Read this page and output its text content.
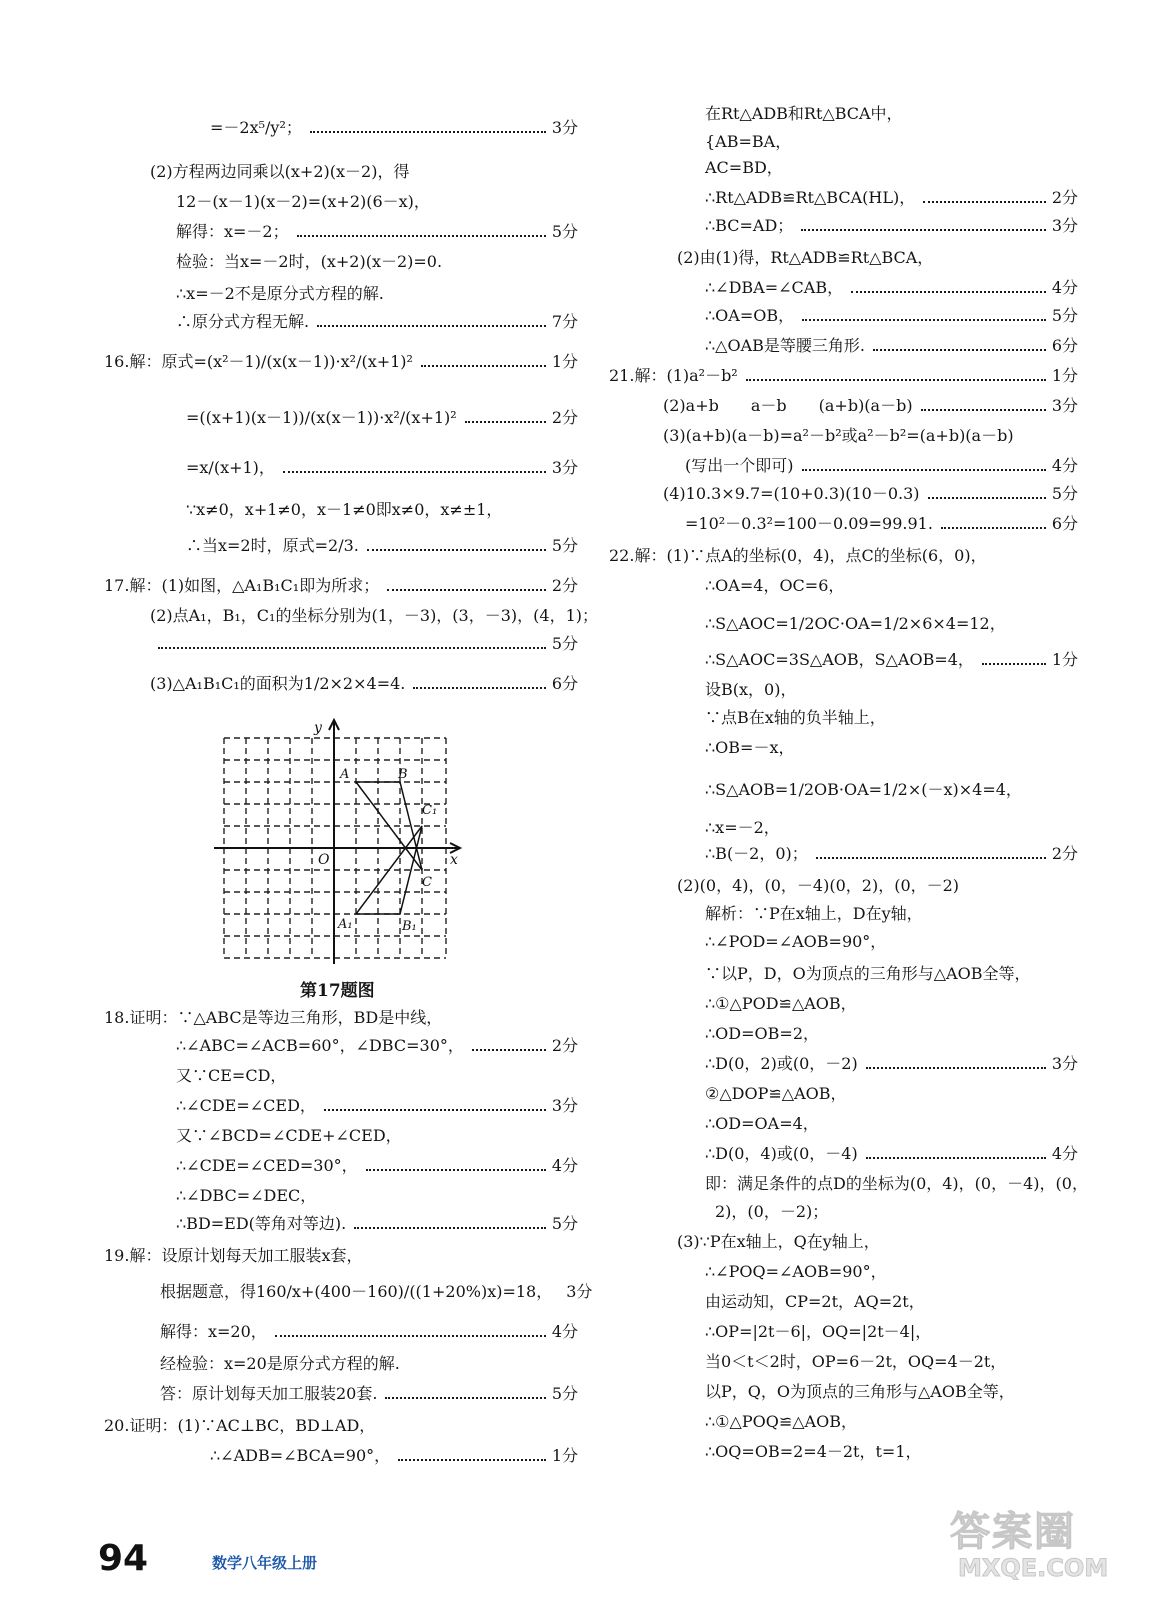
=－2x⁵/y²；	3分
(2)方程两边同乘以(x+2)(x－2)，得
12－(x－1)(x－2)=(x+2)(6－x)，
解得：x=－2；	5分
检验：当x=－2时，(x+2)(x－2)=0.
∴x=－2不是原分式方程的解.
∴原分式方程无解.	7分
16.解：原式=(x²－1)/(x(x－1))·x²/(x+1)²	1分
=((x+1)(x－1))/(x(x－1))·x²/(x+1)²	2分
=x/(x+1)，	3分
∵x≠0，x+1≠0，x－1≠0即x≠0，x≠±1，
∴当x=2时，原式=2/3.	5分
17.解：(1)如图，△A₁B₁C₁即为所求；	2分
(2)点A₁，B₁，C₁的坐标分别为(1，－3)，(3，－3)，(4，1)；
5分
(3)△A₁B₁C₁的面积为1/2×2×4=4.	6分
18.证明：∵△ABC是等边三角形，BD是中线，
∴∠ABC=∠ACB=60°，∠DBC=30°，	2分
又∵CE=CD，
∴∠CDE=∠CED，	3分
又∵∠BCD=∠CDE+∠CED，
∴∠CDE=∠CED=30°，	4分
∴∠DBC=∠DEC，
∴BD=ED(等角对等边).	5分
19.解：设原计划每天加工服装x套，
根据题意，得160/x+(400－160)/((1+20%)x)=18， 3分
解得：x=20，	4分
经检验：x=20是原分式方程的解.
答：原计划每天加工服装20套.	5分
20.证明：(1)∵AC⊥BC，BD⊥AD，
∴∠ADB=∠BCA=90°，	1分
在Rt△ADB和Rt△BCA中，
{AB=BA，
AC=BD，
∴Rt△ADB≌Rt△BCA(HL)，	2分
∴BC=AD；	3分
(2)由(1)得，Rt△ADB≌Rt△BCA，
∴∠DBA=∠CAB，	4分
∴OA=OB，	5分
∴△OAB是等腰三角形.	6分
21.解：(1)a²－b²	1分
(2)a+b　　a－b　　(a+b)(a－b)	3分
(3)(a+b)(a－b)=a²－b²或a²－b²=(a+b)(a－b)
(写出一个即可)	4分
(4)10.3×9.7=(10+0.3)(10－0.3)	5分
=10²－0.3²=100－0.09=99.91.	6分
22.解：(1)∵点A的坐标(0，4)，点C的坐标(6，0)，
∴OA=4，OC=6，
∴S△AOC=1/2OC·OA=1/2×6×4=12，
∴S△AOC=3S△AOB，S△AOB=4，	1分
设B(x，0)，
∵点B在x轴的负半轴上，
∴OB=－x，
∴S△AOB=1/2OB·OA=1/2×(－x)×4=4，
∴x=－2，
∴B(－2，0)；	2分
(2)(0，4)，(0，－4)(0，2)，(0，－2)
解析：∵P在x轴上，D在y轴，
∴∠POD=∠AOB=90°，
∵以P，D，O为顶点的三角形与△AOB全等，
∴①△POD≌△AOB，
∴OD=OB=2，
∴D(0，2)或(0，－2)	3分
②△DOP≌△AOB，
∴OD=OA=4，
∴D(0，4)或(0，－4)	4分
即：满足条件的点D的坐标为(0，4)，(0，－4)，(0，
2)，(0，－2)；
(3)∵P在x轴上，Q在y轴上，
∴∠POQ=∠AOB=90°，
由运动知，CP=2t，AQ=2t，
∴OP=|2t－6|，OQ=|2t－4|，
当0＜t＜2时，OP=6－2t，OQ=4－2t，
以P，Q，O为顶点的三角形与△AOB全等，
∴①△POQ≌△AOB，
∴OQ=OB=2=4－2t，t=1，
y
x
O
A	B
C₁
C
A₁	B₁
第17题图
94	数学八年级上册
答案圈
MXQE.COM
